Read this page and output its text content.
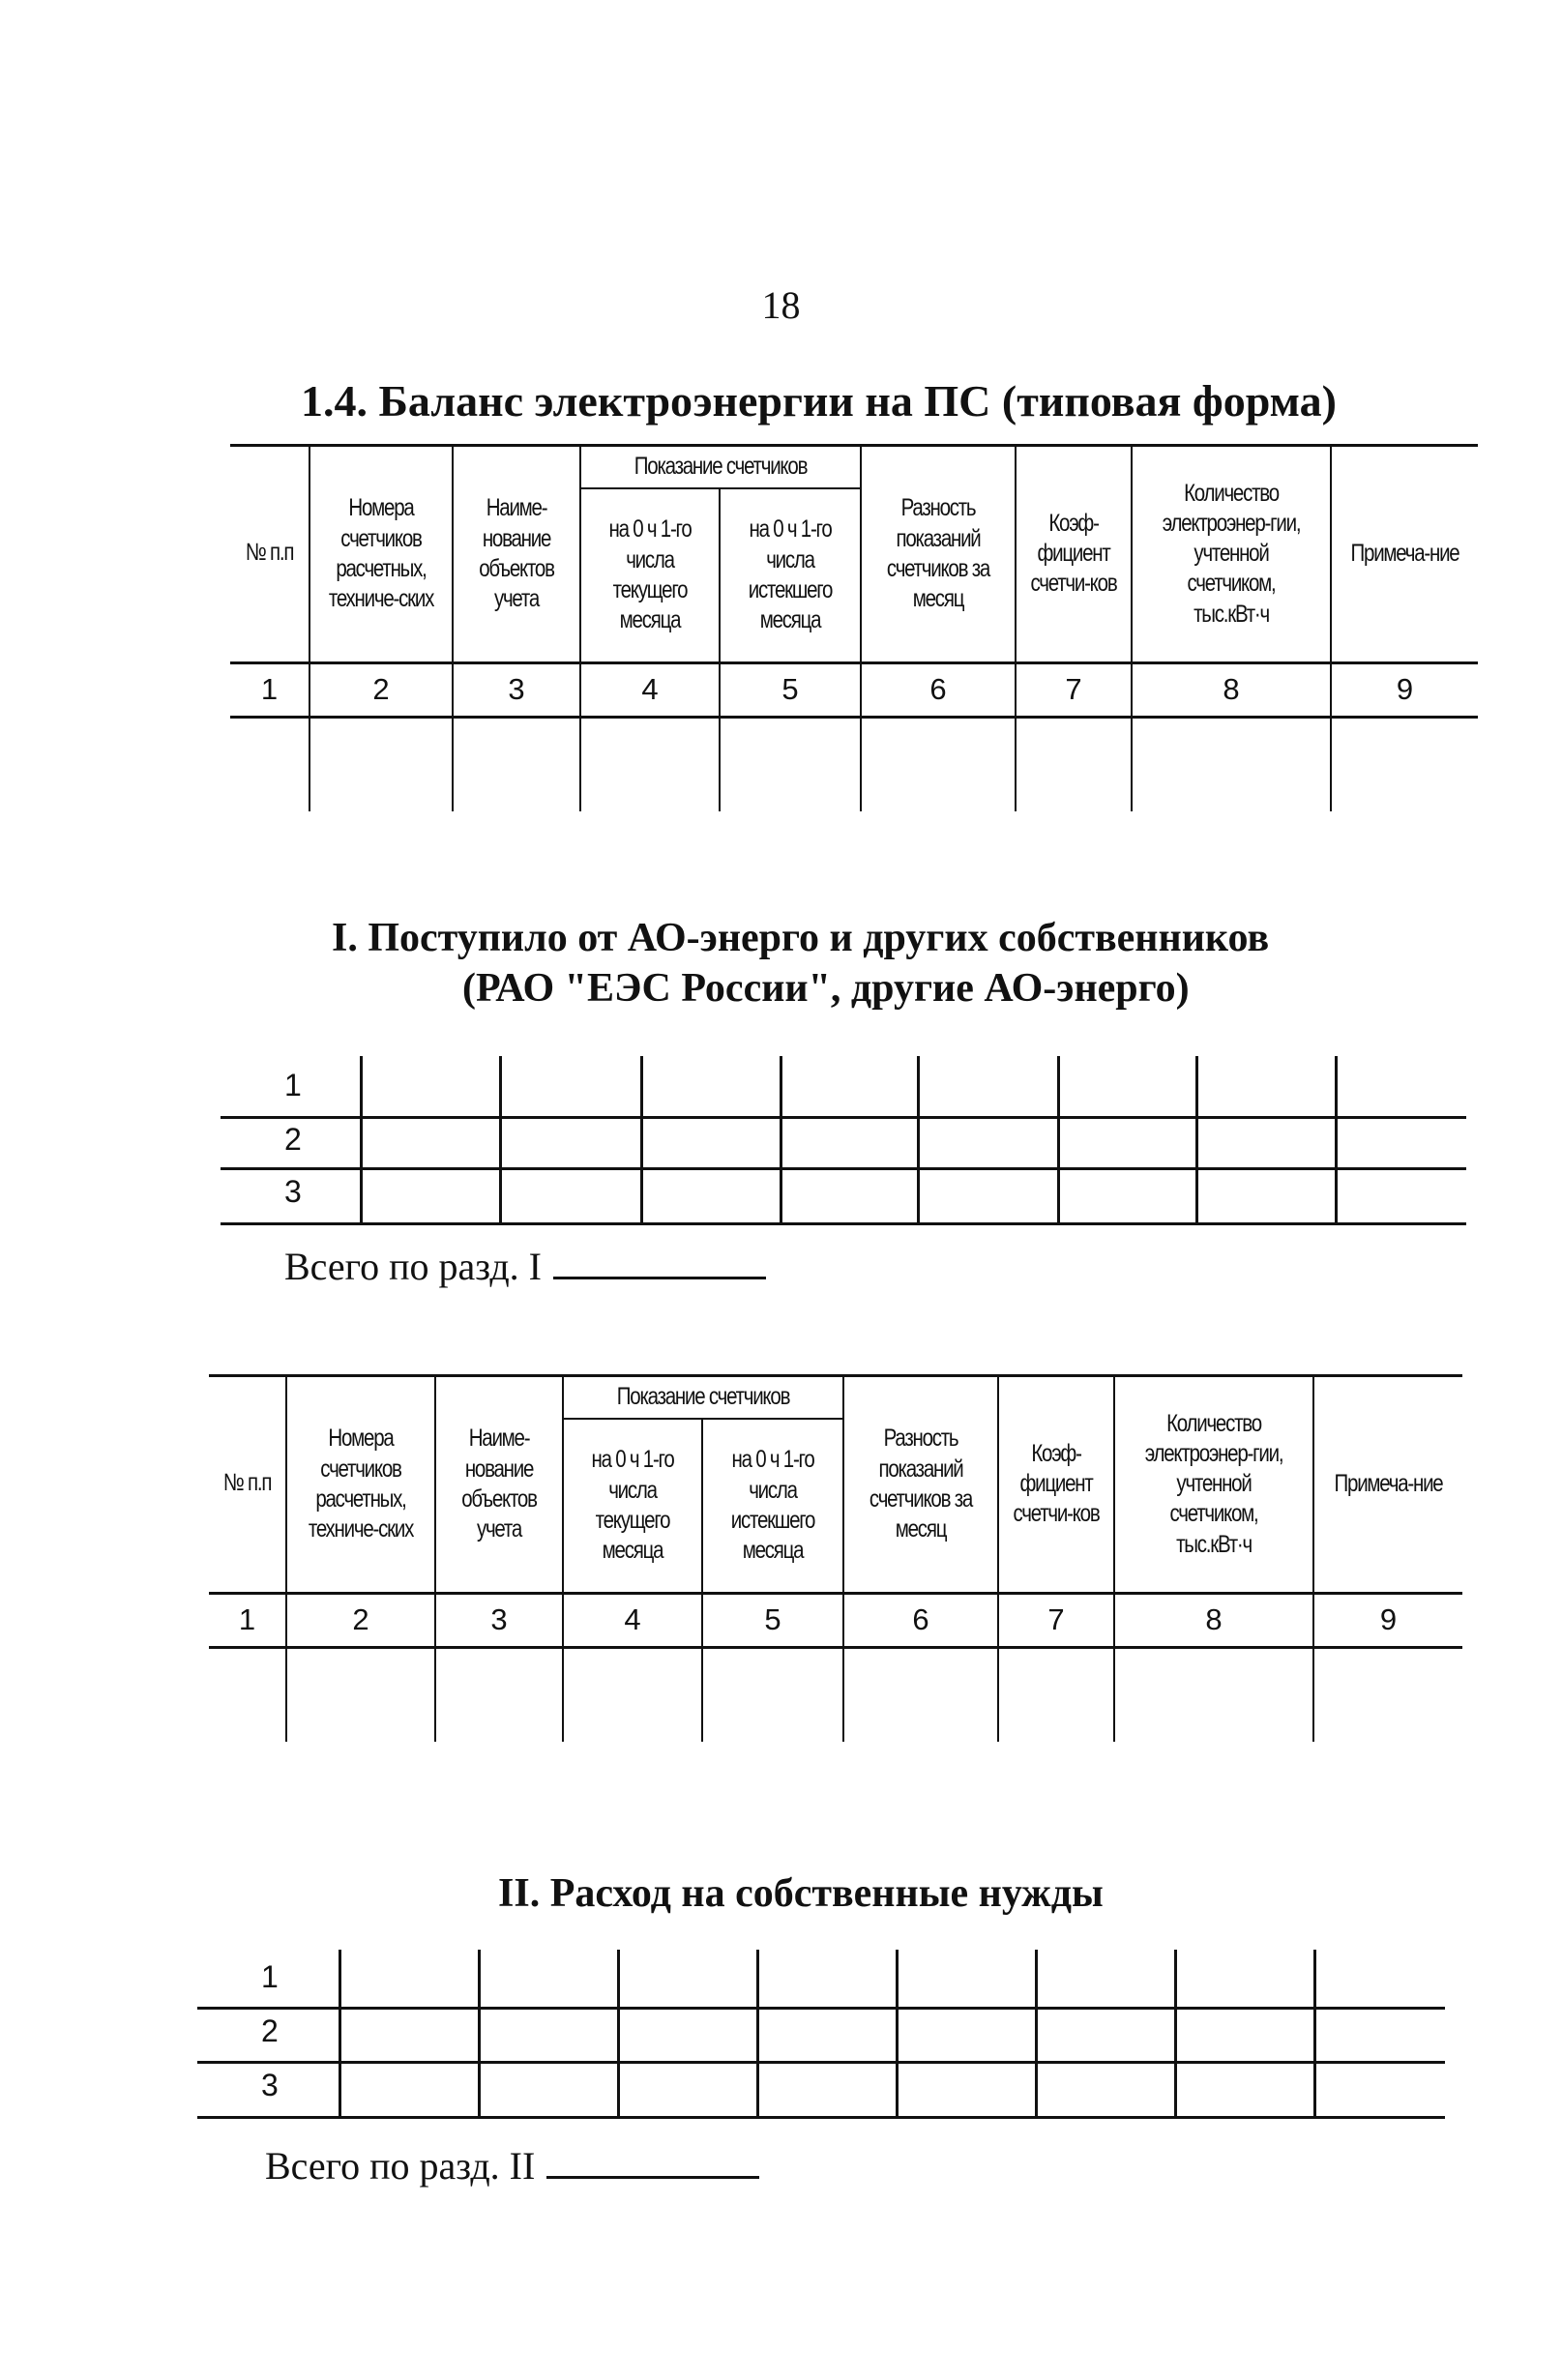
18
1.4. Баланс электроэнергии на ПС (типовая форма)
№ п.п	Номера счетчиков расчетных, техниче-ских	Наиме-нование объектов учета	Показание счетчиков		Разность показаний счетчиков за месяц	Коэф-фициент счетчи-ков	Количество электроэнер-гии, учтенной счетчиком, тыс.кВт·ч	Примеча-ние

			на 0 ч 1-го числа текущего месяца	на 0 ч 1-го числа истекшего месяца				

1	2	3	4	5	6	7	8	9

I. Поступило от АО-энерго и других собственников
(РАО "ЕЭС России", другие АО-энерго)
1
2
3
Всего по разд. I
№ п.п	Номера счетчиков расчетных, техниче-ских	Наиме-нование объектов учета	Показание счетчиков		Разность показаний счетчиков за месяц	Коэф-фициент счетчи-ков	Количество электроэнер-гии, учтенной счетчиком, тыс.кВт·ч	Примеча-ние

			на 0 ч 1-го числа текущего месяца	на 0 ч 1-го числа истекшего месяца				

1	2	3	4	5	6	7	8	9

II. Расход на собственные нужды
1
2
3
Всего по разд. II
